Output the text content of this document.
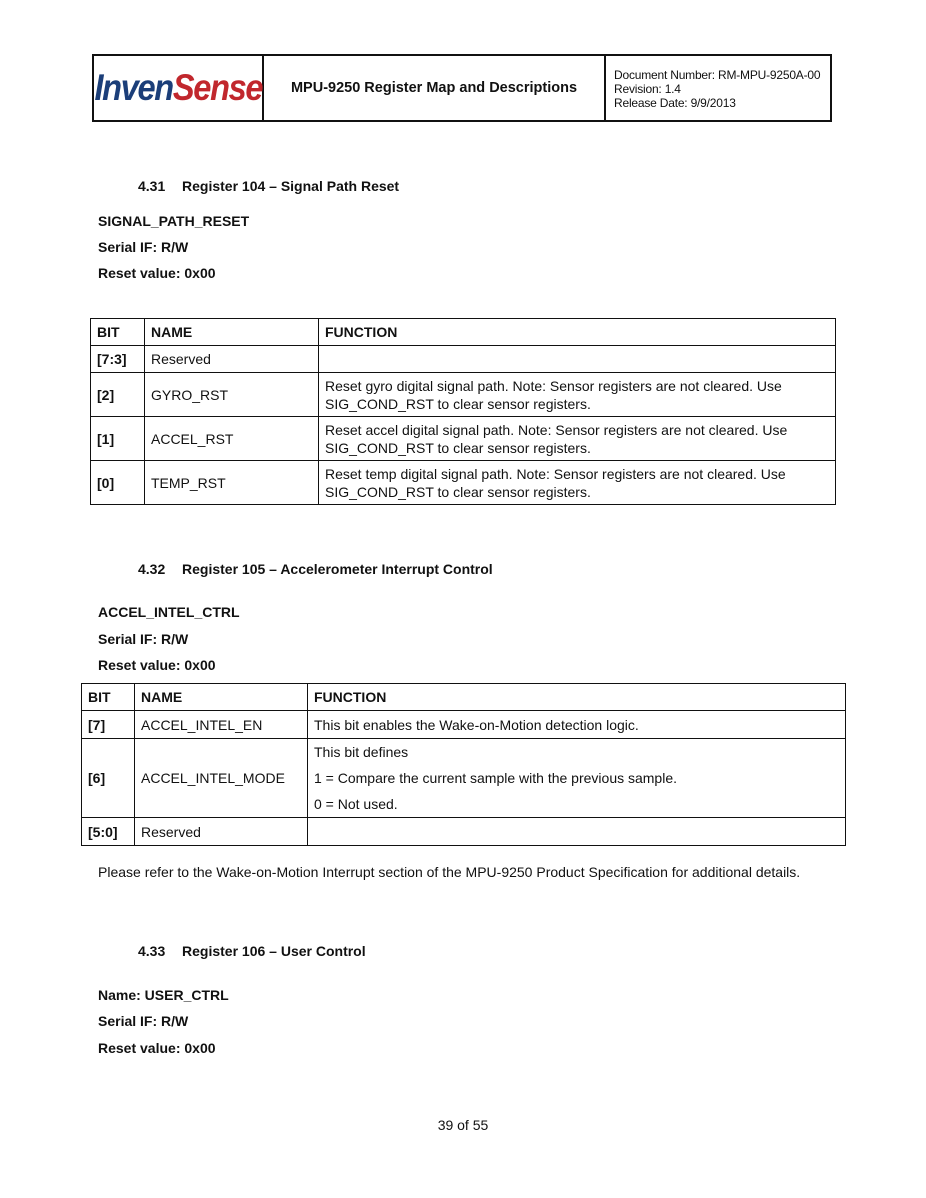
InvenSense	MPU-9250 Register Map and Descriptions
Document Number: RM-MPU-9250A-00
Revision: 1.4
Release Date: 9/9/2013
4.31 Register 104 – Signal Path Reset
SIGNAL_PATH_RESET
Serial IF: R/W
Reset value: 0x00
BIT	NAME	FUNCTION
[7:3]	Reserved	
[2]	GYRO_RST	Reset gyro digital signal path. Note: Sensor registers are not cleared. Use SIG_COND_RST to clear sensor registers.
[1]	ACCEL_RST	Reset accel digital signal path. Note: Sensor registers are not cleared. Use SIG_COND_RST to clear sensor registers.
[0]	TEMP_RST	Reset temp digital signal path. Note: Sensor registers are not cleared. Use SIG_COND_RST to clear sensor registers.
4.32 Register 105 – Accelerometer Interrupt Control
ACCEL_INTEL_CTRL
Serial IF: R/W
Reset value: 0x00
BIT	NAME	FUNCTION
[7]	ACCEL_INTEL_EN	This bit enables the Wake-on-Motion detection logic.

[6]	ACCEL_INTEL_MODE	This bit defines
1 = Compare the current sample with the previous sample.
0 = Not used.

[5:0]	Reserved	
Please refer to the Wake-on-Motion Interrupt section of the MPU-9250 Product Specification for additional details.
4.33 Register 106 – User Control
Name: USER_CTRL
Serial IF: R/W
Reset value: 0x00
39 of 55
